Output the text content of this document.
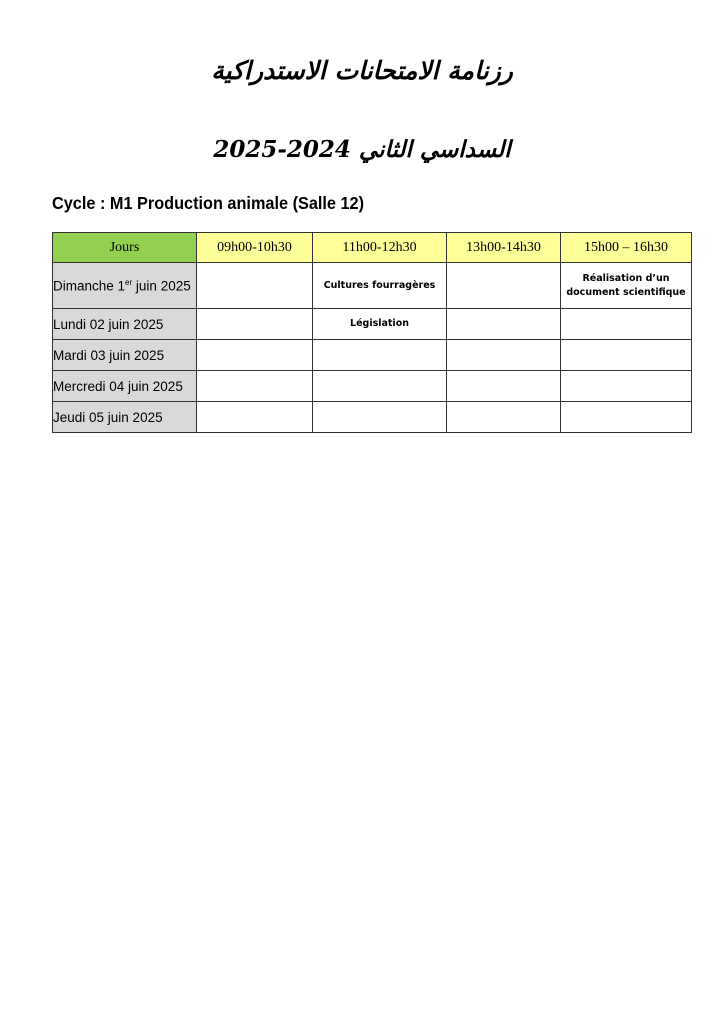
رزنامة الامتحانات الاستدراكية
السداسي الثاني 2024-2025
Cycle : M1 Production animale (Salle 12)
Jours	09h00-10h30	11h00-12h30	13h00-14h30	15h00 – 16h30
Dimanche 1er juin 2025		Cultures fourragères		Réalisation d’un document scientifique
Lundi 02 juin 2025		Législation		
Mardi 03 juin 2025				
Mercredi 04 juin 2025				
Jeudi 05 juin 2025				
